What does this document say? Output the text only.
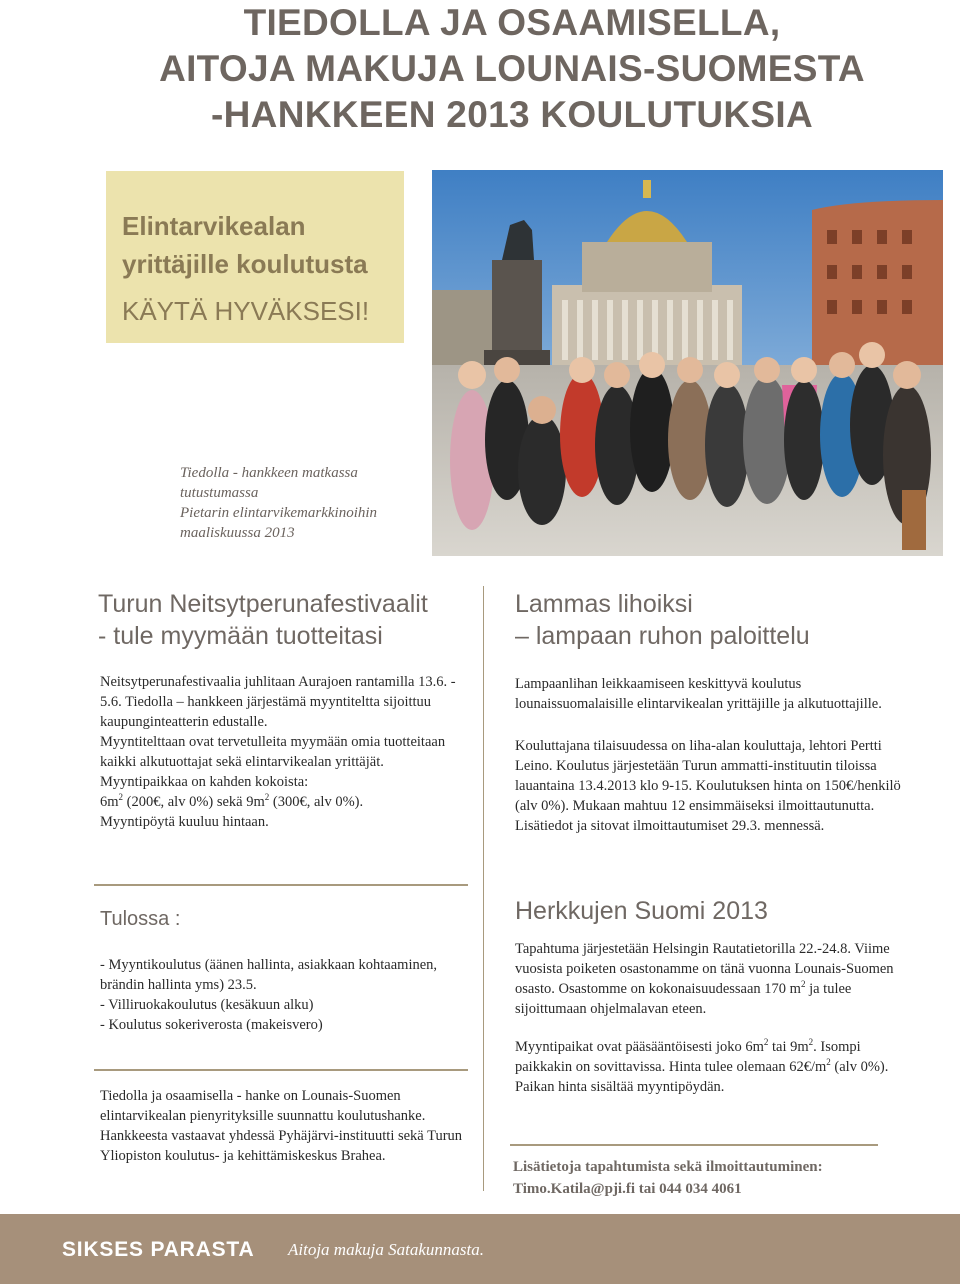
TIEDOLLA JA OSAAMISELLA,
AITOJA MAKUJA LOUNAIS-SUOMESTA
-HANKKEEN 2013 KOULUTUKSIA
Elintarvikealan
yrittäjille koulutusta
KÄYTÄ HYVÄKSESI!
Tiedolla - hankkeen matkassa
tutustumassa
Pietarin elintarvikemarkkinoihin
maaliskuussa 2013
Turun Neitsytperunafestivaalit
- tule myymään tuotteitasi

Neitsytperunafestivaalia juhlitaan Aurajoen rantamilla 13.6. - 5.6. Tiedolla – hankkeen järjestämä myyntiteltta sijoittuu kaupunginteatterin edustalle.

Myyntitelttaan ovat tervetulleita myymään omia tuotteitaan kaikki alkutuottajat sekä elintarvikealan yrittäjät.

Myyntipaikkaa on kahden kokoista:

$6m^2$ (200€, alv 0%) sekä $9m^2$ (300€, alv 0%).

Myyntipöytä kuuluu hintaan.

Lammas lihoiksi
– lampaan ruhon paloittelu

Lampaanlihan leikkaamiseen keskittyvä koulutus lounaissuomalaisille elintarvikealan yrittäjille ja alkutuottajille.

Kouluttajana tilaisuudessa on liha-alan kouluttaja, lehtori Pertti Leino. Koulutus järjestetään Turun ammatti-instituutin tiloissa lauantaina 13.4.2013 klo 9-15. Koulutuksen hinta on 150€/henkilö (alv 0%). Mukaan mahtuu 12 ensimmäiseksi ilmoittautunutta.

Lisätiedot ja sitovat ilmoittautumiset 29.3. mennessä.

Tulossa :

- Myyntikoulutus (äänen hallinta, asiakkaan kohtaaminen, brändin hallinta yms) 23.5.

- Villiruokakoulutus (kesäkuun alku)

- Koulutus sokeriverosta (makeisvero)

Tiedolla ja osaamisella - hanke on Lounais-Suomen elintarvikealan pienyrityksille suunnattu koulutushanke. Hankkeesta vastaavat yhdessä Pyhäjärvi-instituutti sekä Turun Yliopiston koulutus- ja kehittämiskeskus Brahea.

Herkkujen Suomi 2013

Tapahtuma järjestetään Helsingin Rautatietorilla 22.-24.8. Viime vuosista poiketen osastonamme on tänä vuonna Lounais-Suomen osasto. Osastomme on kokonaisuudessaan 170 $m^2$ ja tulee sijoittumaan ohjelmalavan eteen.

Myyntipaikat ovat pääsääntöisesti joko $6m^2$ tai $9m^2$. Isompi paikkakin on sovittavissa. Hinta tulee olemaan $62€/m^2$ (alv 0%). Paikan hinta sisältää myyntipöydän.

Lisätietoja tapahtumista sekä ilmoittautuminen:

Timo.Katila@pji.fi tai 044 034 4061

SIKSES PARASTA Aitoja makuja Satakunnasta.
